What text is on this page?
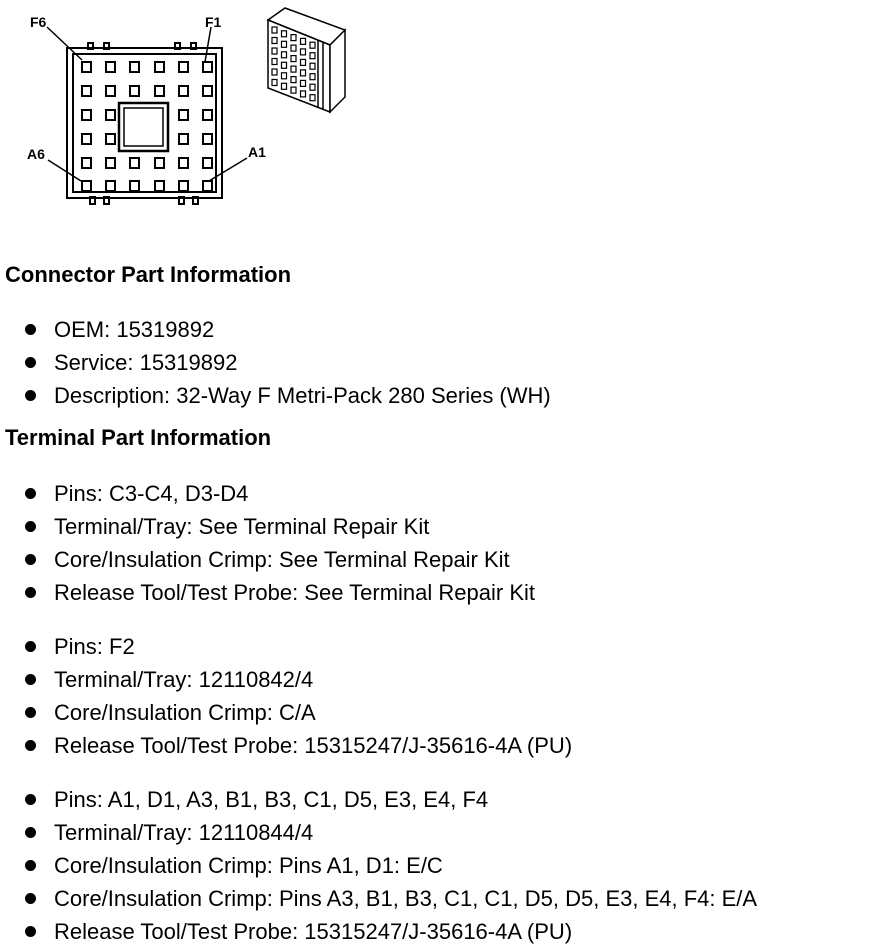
F6	F1
A6	A1
Connector Part Information
OEM: 15319892
Service: 15319892
Description: 32-Way F Metri-Pack 280 Series (WH)
Terminal Part Information
Pins: C3-C4, D3-D4
Terminal/Tray: See Terminal Repair Kit
Core/Insulation Crimp: See Terminal Repair Kit
Release Tool/Test Probe: See Terminal Repair Kit
Pins: F2
Terminal/Tray: 12110842/4
Core/Insulation Crimp: C/A
Release Tool/Test Probe: 15315247/J-35616-4A (PU)
Pins: A1, D1, A3, B1, B3, C1, D5, E3, E4, F4
Terminal/Tray: 12110844/4
Core/Insulation Crimp: Pins A1, D1: E/C
Core/Insulation Crimp: Pins A3, B1, B3, C1, C1, D5, D5, E3, E4, F4: E/A
Release Tool/Test Probe: 15315247/J-35616-4A (PU)
